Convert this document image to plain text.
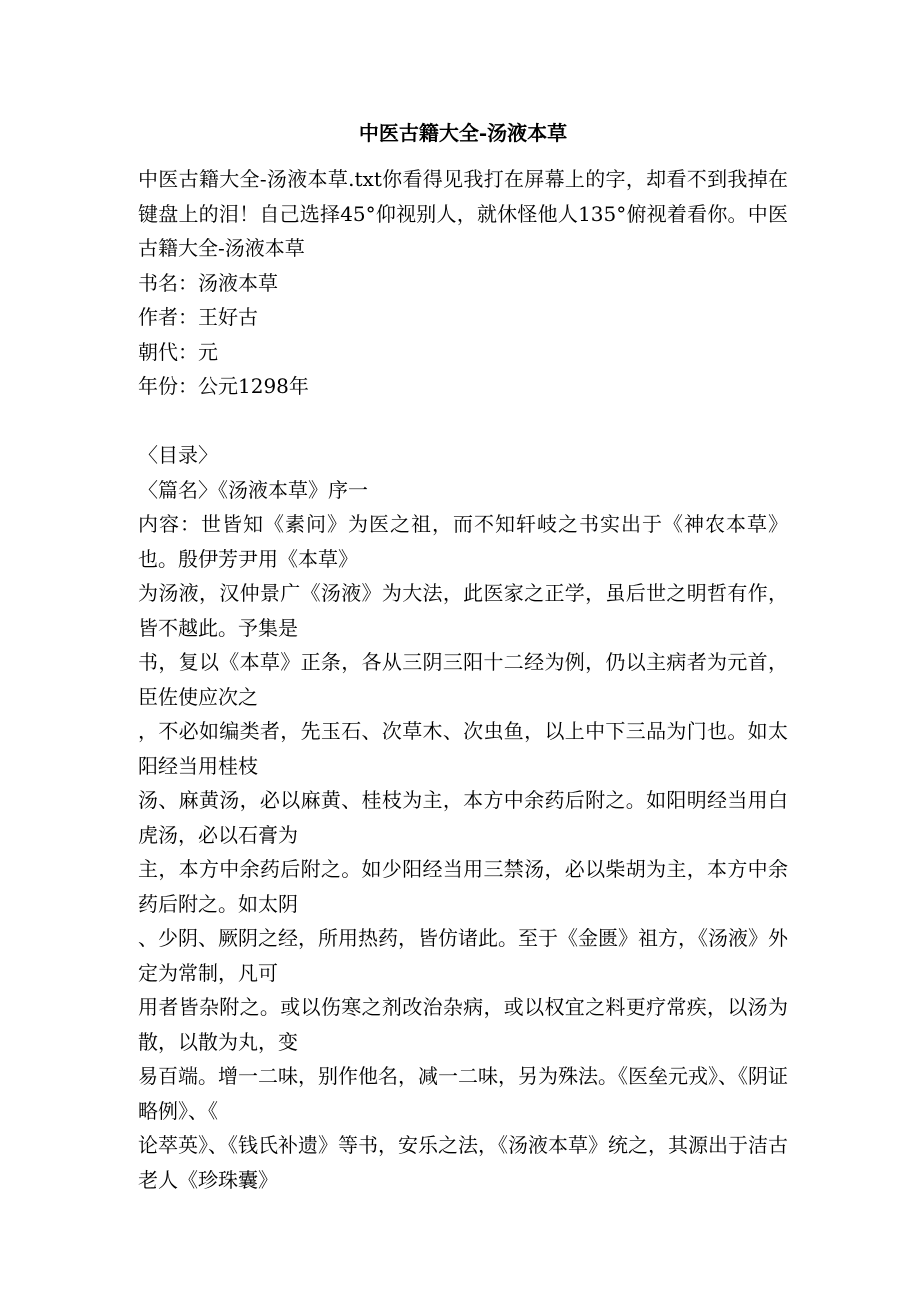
中医古籍大全-汤液本草

中医古籍大全-汤液本草.txt你看得见我打在屏幕上的字，却看不到我掉在键盘上的泪！自己选择45°仰视别人，就休怪他人135°俯视着看你。中医古籍大全-汤液本草

书名：汤液本草

作者：王好古

朝代：元

年份：公元1298年

〈目录〉

〈篇名〉《汤液本草》序一

内容：世皆知《素问》为医之祖，而不知轩岐之书实出于《神农本草》也。殷伊芳尹用《本草》

为汤液，汉仲景广《汤液》为大法，此医家之正学，虽后世之明哲有作，皆不越此。予集是

书，复以《本草》正条，各从三阴三阳十二经为例，仍以主病者为元首，臣佐使应次之

，不必如编类者，先玉石、次草木、次虫鱼，以上中下三品为门也。如太阳经当用桂枝

汤、麻黄汤，必以麻黄、桂枝为主，本方中余药后附之。如阳明经当用白虎汤，必以石膏为

主，本方中余药后附之。如少阳经当用三禁汤，必以柴胡为主，本方中余药后附之。如太阴

、少阴、厥阴之经，所用热药，皆仿诸此。至于《金匮》祖方，《汤液》外定为常制，凡可

用者皆杂附之。或以伤寒之剂改治杂病，或以权宜之料更疗常疾，以汤为散，以散为丸，变

易百端。增一二味，别作他名，减一二味，另为殊法。《医垒元戎》、《阴证略例》、《

论萃英》、《钱氏补遗》等书，安乐之法，《汤液本草》统之，其源出于洁古老人《珍珠囊》
